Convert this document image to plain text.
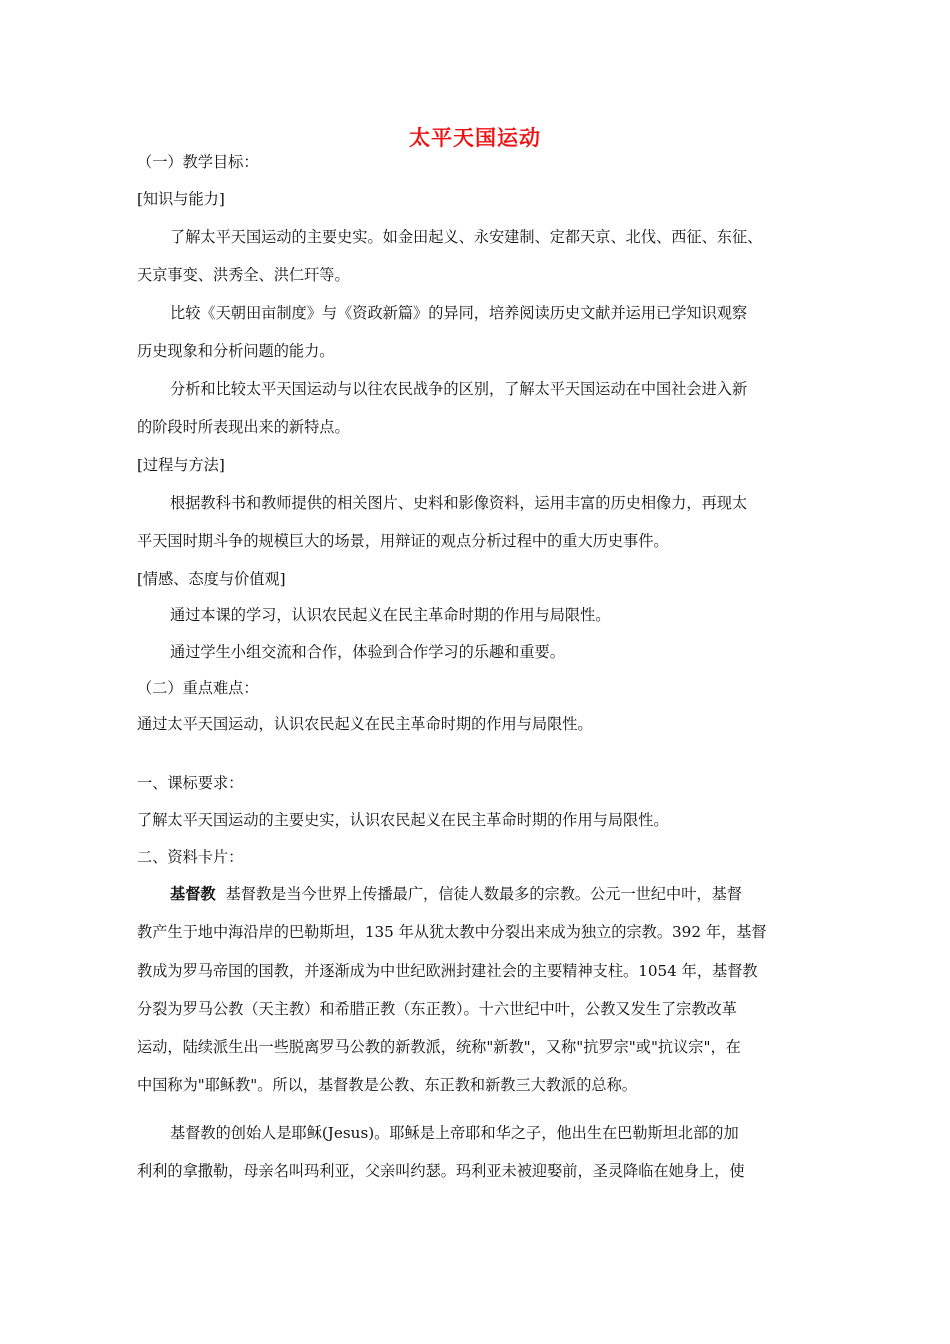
太平天国运动
（一）教学目标：
[知识与能力]
了解太平天国运动的主要史实。如金田起义、永安建制、定都天京、北伐、西征、东征、
天京事变、洪秀全、洪仁玕等。
比较《天朝田亩制度》与《资政新篇》的异同，培养阅读历史文献并运用已学知识观察
历史现象和分析问题的能力。
分析和比较太平天国运动与以往农民战争的区别，了解太平天国运动在中国社会进入新
的阶段时所表现出来的新特点。
[过程与方法]
根据教科书和教师提供的相关图片、史料和影像资料，运用丰富的历史相像力，再现太
平天国时期斗争的规模巨大的场景，用辩证的观点分析过程中的重大历史事件。
[情感、态度与价值观]
通过本课的学习，认识农民起义在民主革命时期的作用与局限性。
通过学生小组交流和合作，体验到合作学习的乐趣和重要。
（二）重点难点：
通过太平天国运动，认识农民起义在民主革命时期的作用与局限性。
一、课标要求：
了解太平天国运动的主要史实，认识农民起义在民主革命时期的作用与局限性。
二、资料卡片：
基督教 基督教是当今世界上传播最广，信徒人数最多的宗教。公元一世纪中叶，基督
教产生于地中海沿岸的巴勒斯坦，135 年从犹太教中分裂出来成为独立的宗教。392 年，基督
教成为罗马帝国的国教，并逐渐成为中世纪欧洲封建社会的主要精神支柱。1054 年，基督教
分裂为罗马公教（天主教）和希腊正教（东正教）。十六世纪中叶，公教又发生了宗教改革
运动，陆续派生出一些脱离罗马公教的新教派，统称"新教"，又称"抗罗宗"或"抗议宗"，在
中国称为"耶稣教"。所以，基督教是公教、东正教和新教三大教派的总称。
基督教的创始人是耶稣(Jesus)。耶稣是上帝耶和华之子，他出生在巴勒斯坦北部的加
利利的拿撒勒，母亲名叫玛利亚，父亲叫约瑟。玛利亚未被迎娶前，圣灵降临在她身上，使
